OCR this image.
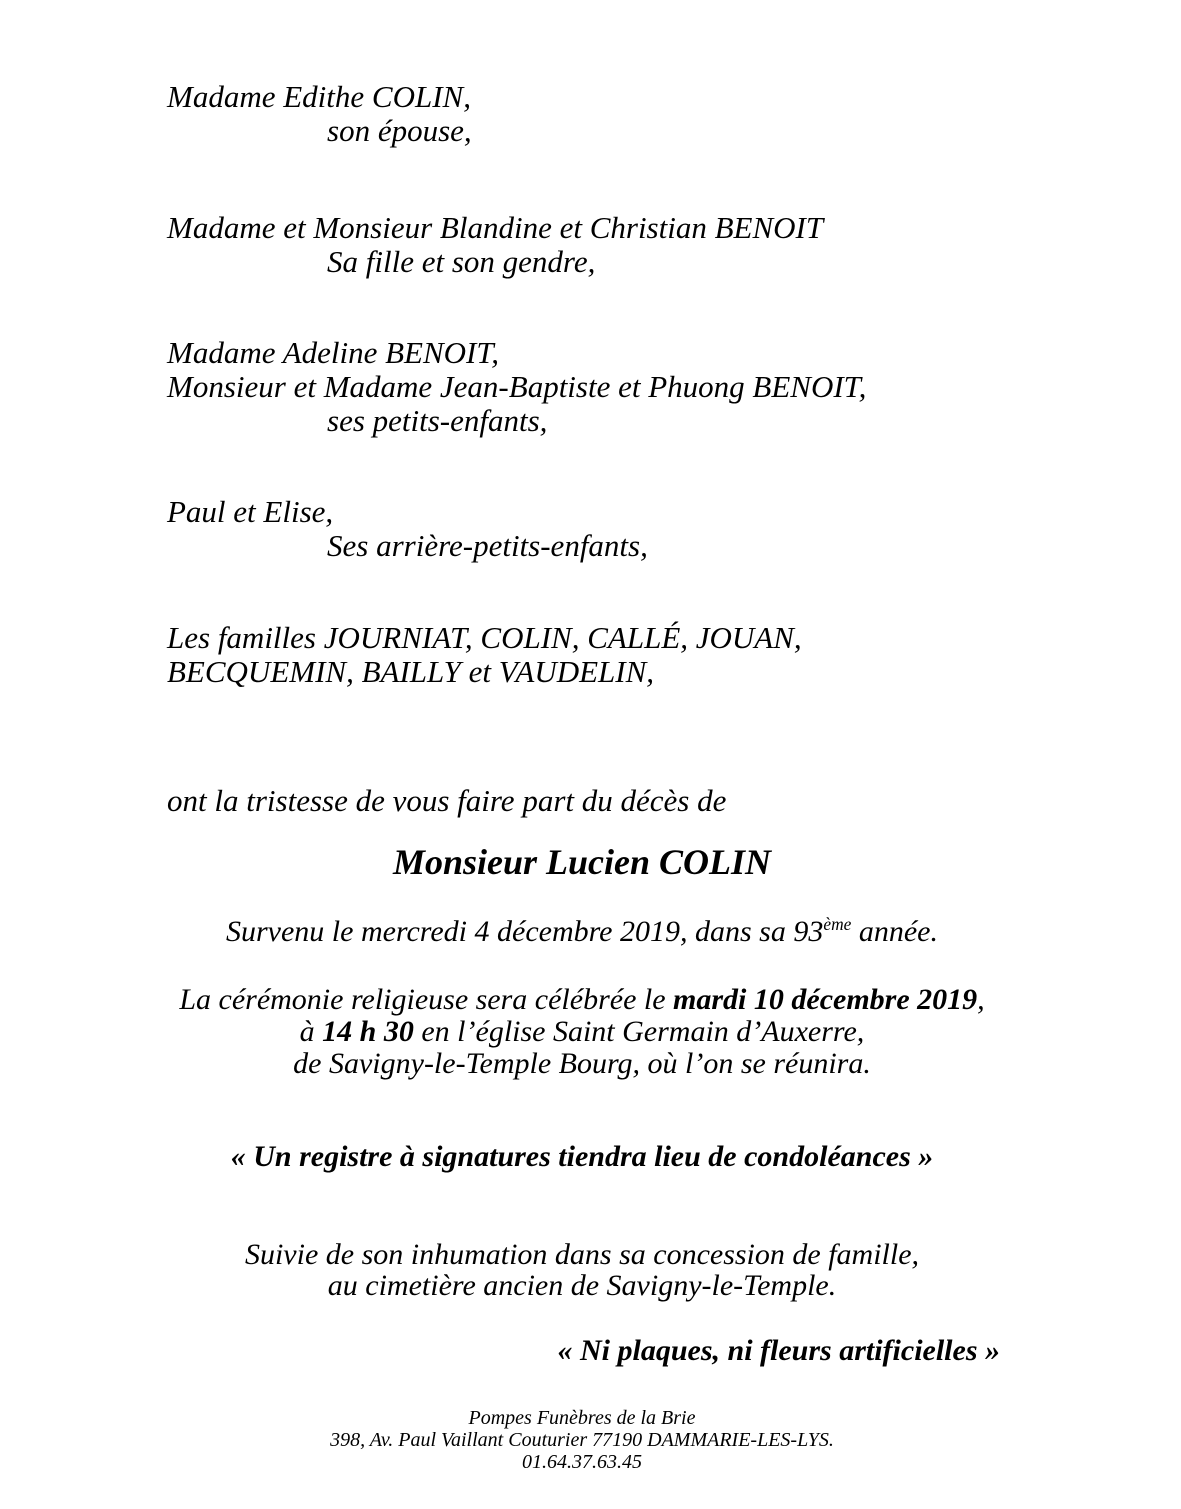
Madame Edithe COLIN,
son épouse,
Madame et Monsieur Blandine et Christian BENOIT
Sa fille et son gendre,
Madame Adeline BENOIT,
Monsieur et Madame Jean-Baptiste et Phuong BENOIT,
ses petits-enfants,
Paul et Elise,
Ses arrière-petits-enfants,
Les familles JOURNIAT, COLIN, CALLÉ, JOUAN,
BECQUEMIN, BAILLY et VAUDELIN,
ont la tristesse de vous faire part du décès de
Monsieur Lucien COLIN
Survenu le mercredi 4 décembre 2019, dans sa 93ème année.
La cérémonie religieuse sera célébrée le mardi 10 décembre 2019,
à 14 h 30 en l’église Saint Germain d’Auxerre,
de Savigny-le-Temple Bourg, où l’on se réunira.
« Un registre à signatures tiendra lieu de condoléances »
Suivie de son inhumation dans sa concession de famille,
au cimetière ancien de Savigny-le-Temple.
« Ni plaques, ni fleurs artificielles »
Pompes Funèbres de la Brie
398, Av. Paul Vaillant Couturier 77190 DAMMARIE-LES-LYS.
01.64.37.63.45
